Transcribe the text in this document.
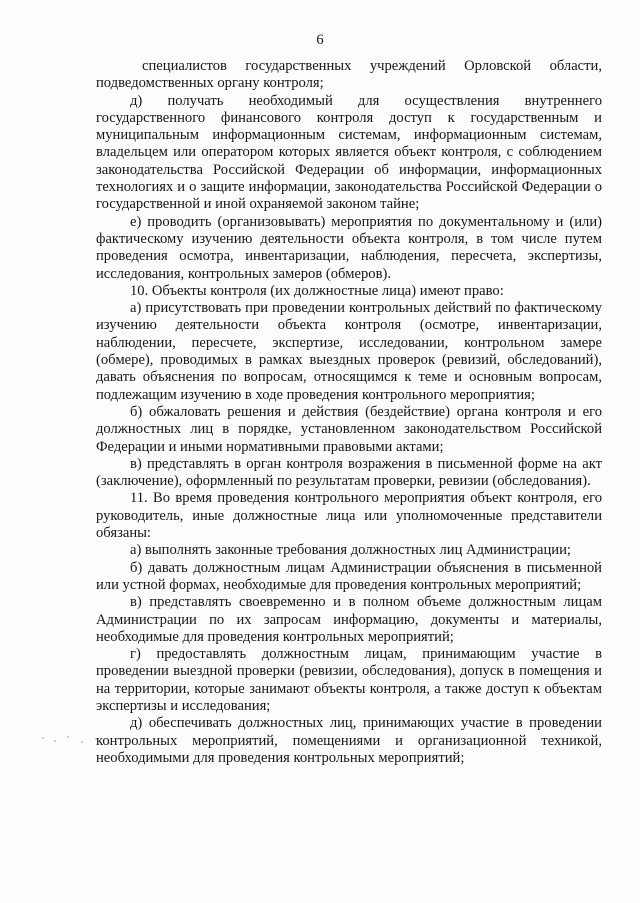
6

специалистов государственных учреждений Орловской области, подведомственных органу контроля;

д) получать необходимый для осуществления внутреннего государственного финансового контроля доступ к государственным и муниципальным информационным системам, информационным системам, владельцем или оператором которых является объект контроля, с соблюдением законодательства Российской Федерации об информации, информационных технологиях и о защите информации, законодательства Российской Федерации о государственной и иной охраняемой законом тайне;

е) проводить (организовывать) мероприятия по документальному и (или) фактическому изучению деятельности объекта контроля, в том числе путем проведения осмотра, инвентаризации, наблюдения, пересчета, экспертизы, исследования, контрольных замеров (обмеров).

10. Объекты контроля (их должностные лица) имеют право:

а) присутствовать при проведении контрольных действий по фактическому изучению деятельности объекта контроля (осмотре, инвентаризации, наблюдении, пересчете, экспертизе, исследовании, контрольном замере (обмере), проводимых в рамках выездных проверок (ревизий, обследований), давать объяснения по вопросам, относящимся к теме и основным вопросам, подлежащим изучению в ходе проведения контрольного мероприятия;

б) обжаловать решения и действия (бездействие) органа контроля и его должностных лиц в порядке, установленном законодательством Российской Федерации и иными нормативными правовыми актами;

в) представлять в орган контроля возражения в письменной форме на акт (заключение), оформленный по результатам проверки, ревизии (обследования).

11. Во время проведения контрольного мероприятия объект контроля, его руководитель, иные должностные лица или уполномоченные представители обязаны:

а) выполнять законные требования должностных лиц Администрации;

б) давать должностным лицам Администрации объяснения в письменной или устной формах, необходимые для проведения контрольных мероприятий;

в) представлять своевременно и в полном объеме должностным лицам Администрации по их запросам информацию, документы и материалы, необходимые для проведения контрольных мероприятий;

г) предоставлять должностным лицам, принимающим участие в проведении выездной проверки (ревизии, обследования), допуск в помещения и на территории, которые занимают объекты контроля, а также доступ к объектам экспертизы и исследования;

д) обеспечивать должностных лиц, принимающих участие в проведении контрольных мероприятий, помещениями и организационной техникой, необходимыми для проведения контрольных мероприятий;
